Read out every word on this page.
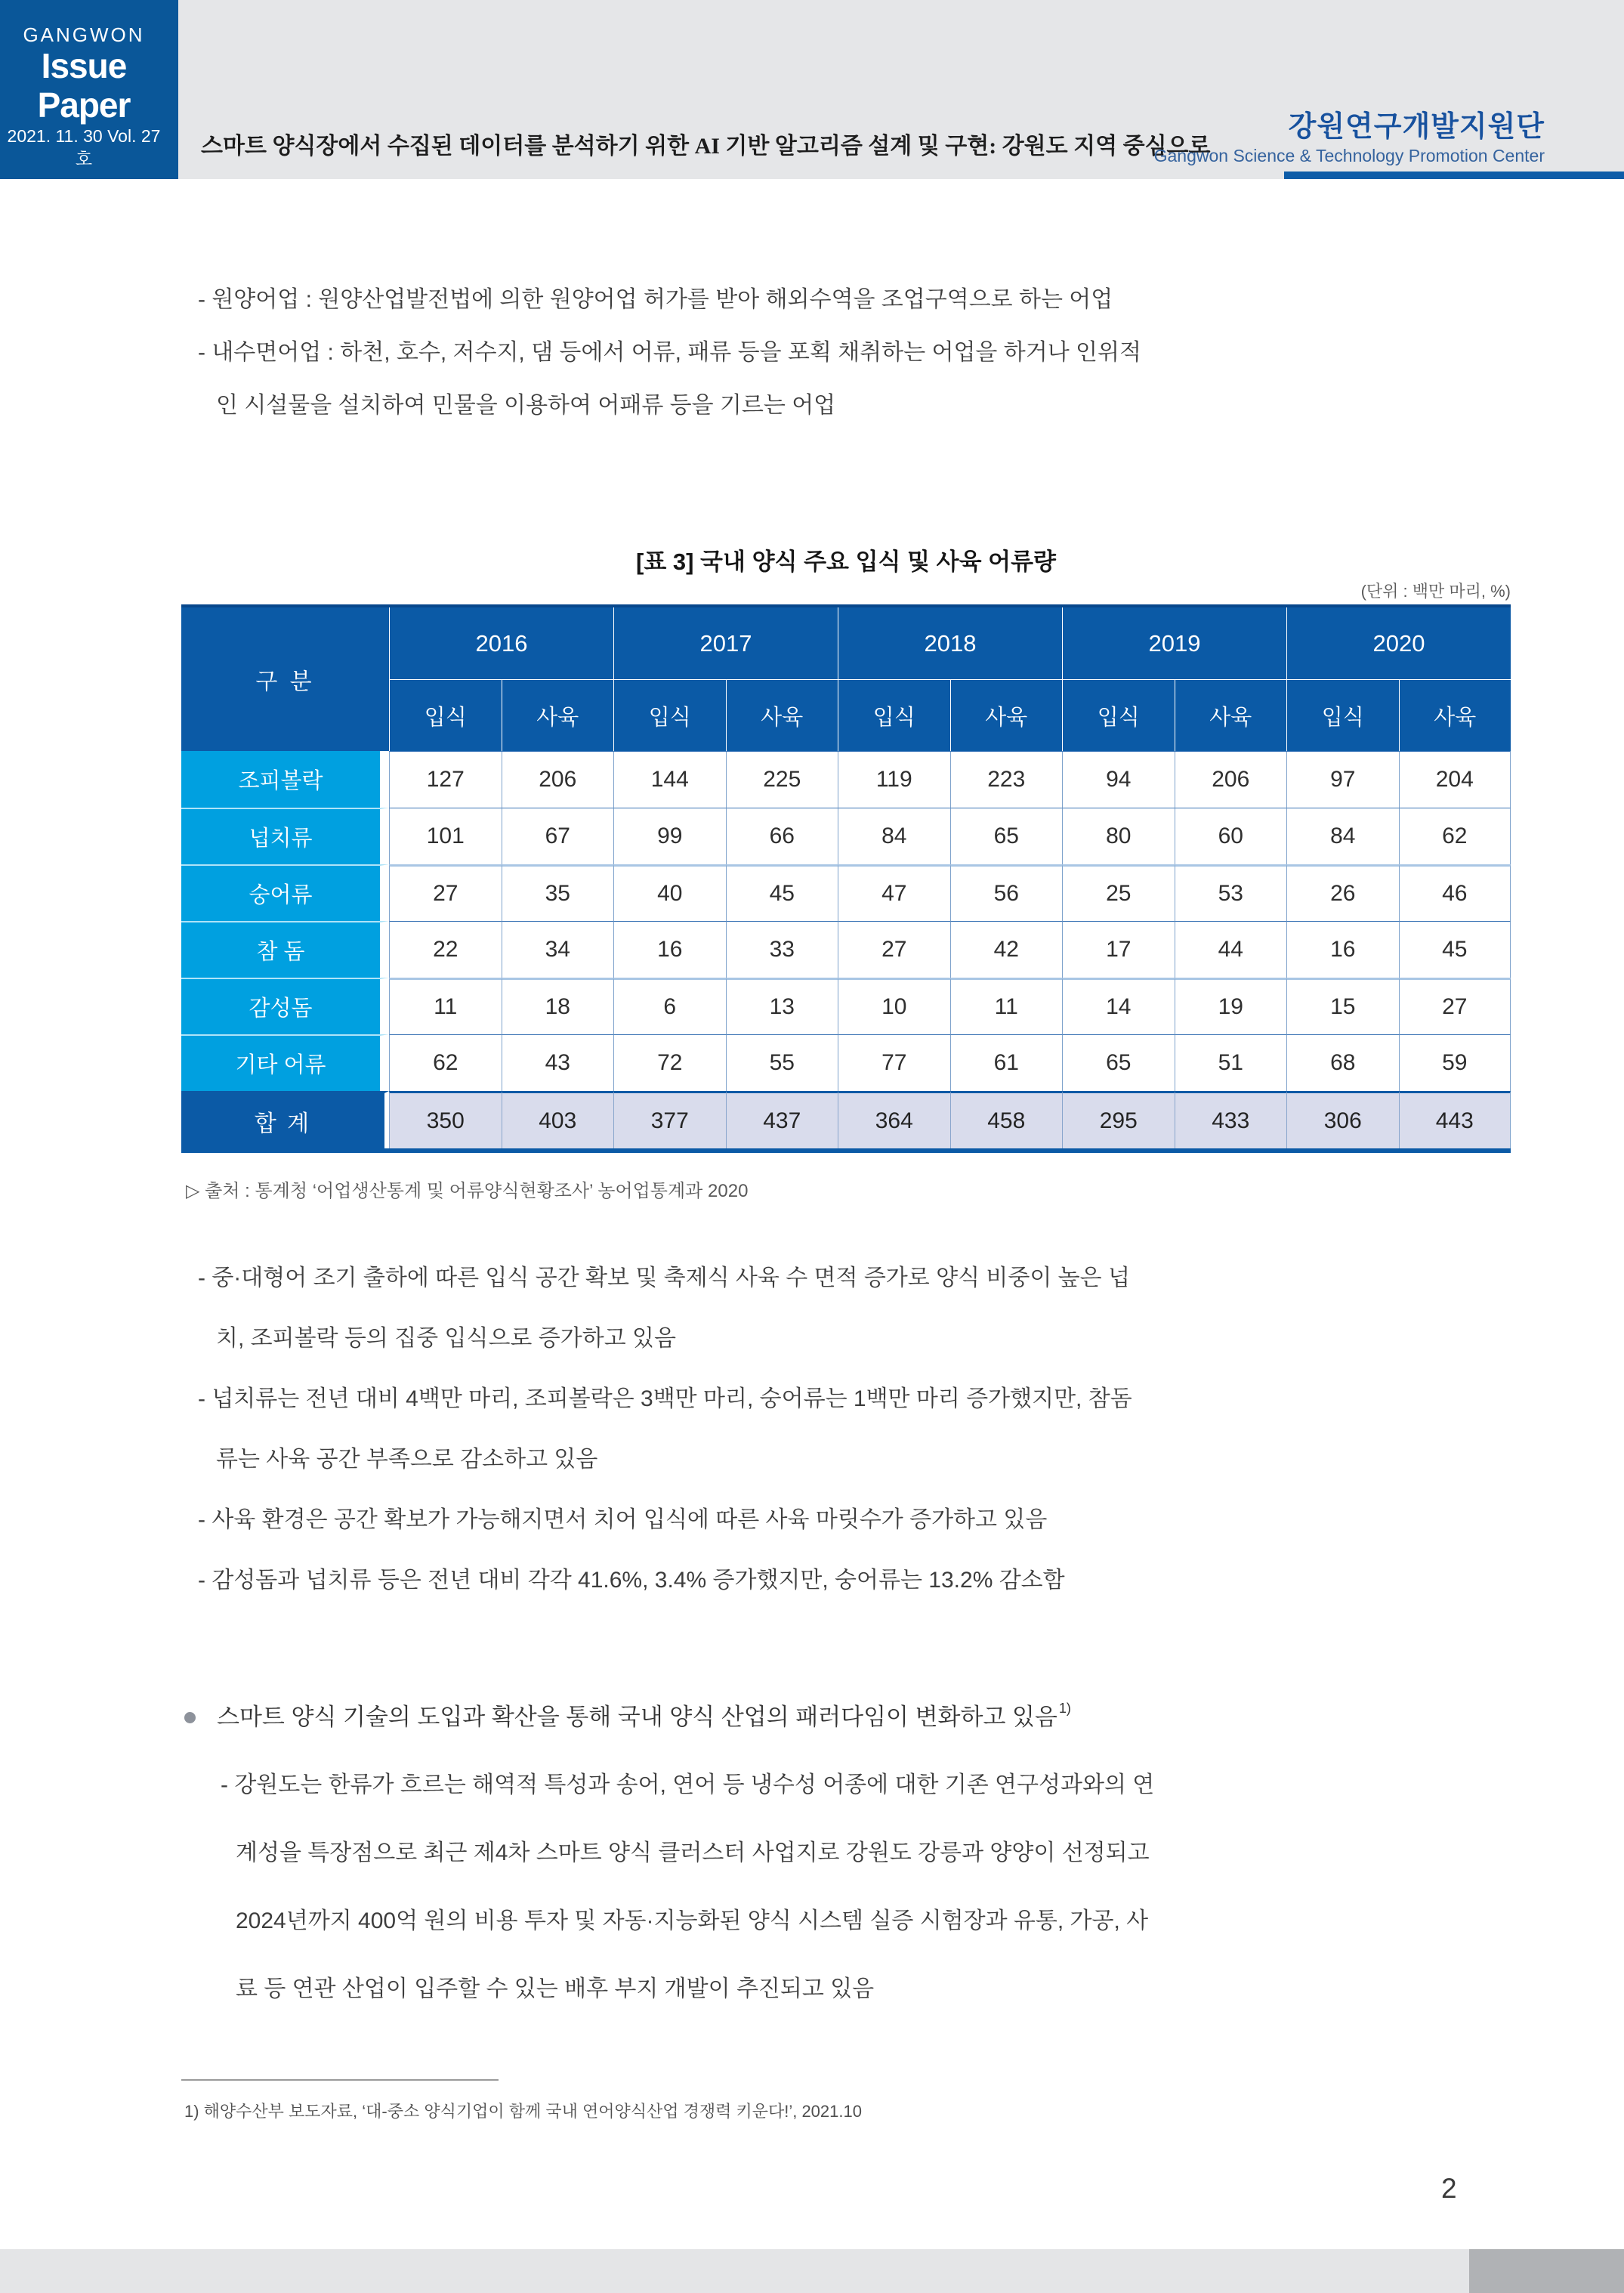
GANGWON
Issue Paper
2021. 11. 30 Vol. 27호	스마트 양식장에서 수집된 데이터를 분석하기 위한 AI 기반 알고리즘 설계 및 구현: 강원도 지역 중심으로
강원연구개발지원단
Gangwon Science & Technology Promotion Center
- 원양어업 : 원양산업발전법에 의한 원양어업 허가를 받아 해외수역을 조업구역으로 하는 어업
- 내수면어업 : 하천, 호수, 저수지, 댐 등에서 어류, 패류 등을 포획 채취하는 어업을 하거나 인위적
인 시설물을 설치하여 민물을 이용하여 어패류 등을 기르는 어업
[표 3] 국내 양식 주요 입식 및 사육 어류량
(단위 : 백만 마리, %)
구 분
2016	2017	2018	2019	2020
입식	사육	입식	사육	입식	사육	입식	사육	입식	사육
조피볼락	127	206	144	225	119	223	94	206	97	204
넙치류	101	67	99	66	84	65	80	60	84	62
숭어류	27	35	40	45	47	56	25	53	26	46
참 돔	22	34	16	33	27	42	17	44	16	45
감성돔	11	18	6	13	10	11	14	19	15	27
기타 어류	62	43	72	55	77	61	65	51	68	59
합 계	350	403	377	437	364	458	295	433	306	443
▷ 출처 : 통계청 ‘어업생산통계 및 어류양식현황조사’ 농어업통계과 2020
- 중·대형어 조기 출하에 따른 입식 공간 확보 및 축제식 사육 수 면적 증가로 양식 비중이 높은 넙
치, 조피볼락 등의 집중 입식으로 증가하고 있음
- 넙치류는 전년 대비 4백만 마리, 조피볼락은 3백만 마리, 숭어류는 1백만 마리 증가했지만, 참돔
류는 사육 공간 부족으로 감소하고 있음
- 사육 환경은 공간 확보가 가능해지면서 치어 입식에 따른 사육 마릿수가 증가하고 있음
- 감성돔과 넙치류 등은 전년 대비 각각 41.6%, 3.4% 증가했지만, 숭어류는 13.2% 감소함
스마트 양식 기술의 도입과 확산을 통해 국내 양식 산업의 패러다임이 변화하고 있음 1)
- 강원도는 한류가 흐르는 해역적 특성과 송어, 연어 등 냉수성 어종에 대한 기존 연구성과와의 연
계성을 특장점으로 최근 제4차 스마트 양식 클러스터 사업지로 강원도 강릉과 양양이 선정되고
2024년까지 400억 원의 비용 투자 및 자동·지능화된 양식 시스템 실증 시험장과 유통, 가공, 사
료 등 연관 산업이 입주할 수 있는 배후 부지 개발이 추진되고 있음
1) 해양수산부 보도자료, ‘대-중소 양식기업이 함께 국내 연어양식산업 경쟁력 키운다!’, 2021.10
2
